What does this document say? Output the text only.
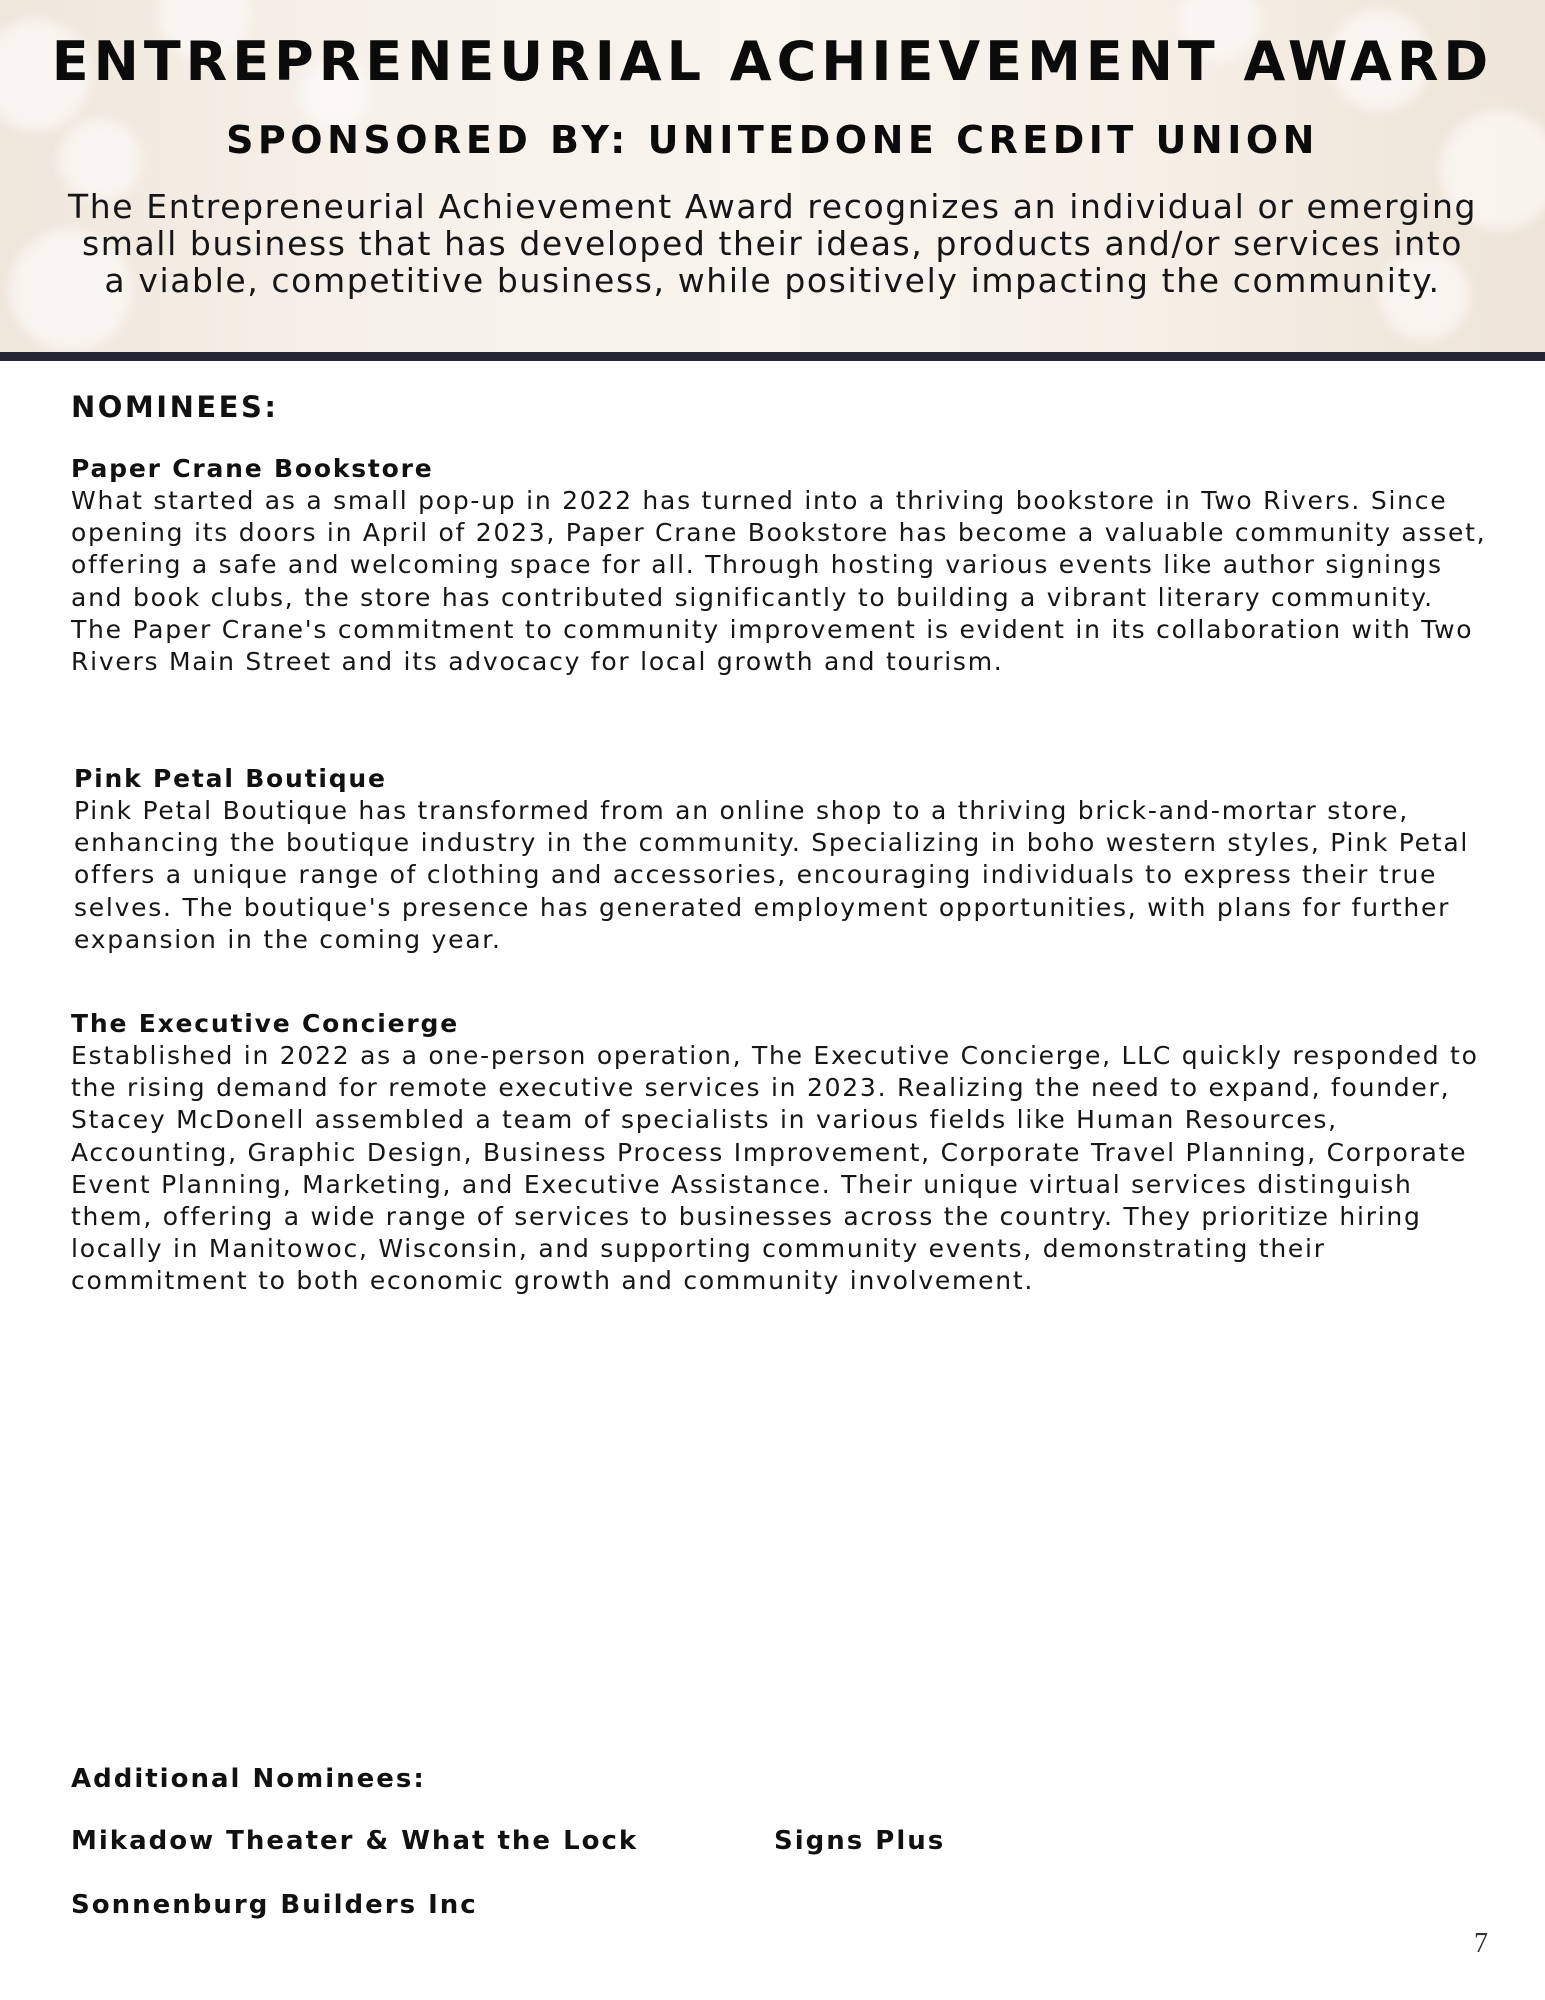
ENTREPRENEURIAL ACHIEVEMENT AWARD
SPONSORED BY: UNITEDONE CREDIT UNION
The Entrepreneurial Achievement Award recognizes an individual or emerging small business that has developed their ideas, products and/or services into a viable, competitive business, while positively impacting the community.
NOMINEES:
Paper Crane Bookstore
What started as a small pop-up in 2022 has turned into a thriving bookstore in Two Rivers. Since opening its doors in April of 2023, Paper Crane Bookstore has become a valuable community asset, offering a safe and welcoming space for all. Through hosting various events like author signings and book clubs, the store has contributed significantly to building a vibrant literary community. The Paper Crane's commitment to community improvement is evident in its collaboration with Two Rivers Main Street and its advocacy for local growth and tourism.
Pink Petal Boutique
Pink Petal Boutique has transformed from an online shop to a thriving brick-and-mortar store, enhancing the boutique industry in the community. Specializing in boho western styles, Pink Petal offers a unique range of clothing and accessories, encouraging individuals to express their true selves. The boutique's presence has generated employment opportunities, with plans for further expansion in the coming year.
The Executive Concierge
Established in 2022 as a one-person operation, The Executive Concierge, LLC quickly responded to the rising demand for remote executive services in 2023. Realizing the need to expand, founder, Stacey McDonell assembled a team of specialists in various fields like Human Resources, Accounting, Graphic Design, Business Process Improvement, Corporate Travel Planning, Corporate Event Planning, Marketing, and Executive Assistance. Their unique virtual services distinguish them, offering a wide range of services to businesses across the country. They prioritize hiring locally in Manitowoc, Wisconsin, and supporting community events, demonstrating their commitment to both economic growth and community involvement.
Additional Nominees:
Mikadow Theater & What the Lock	Signs Plus
Sonnenburg Builders Inc
7
